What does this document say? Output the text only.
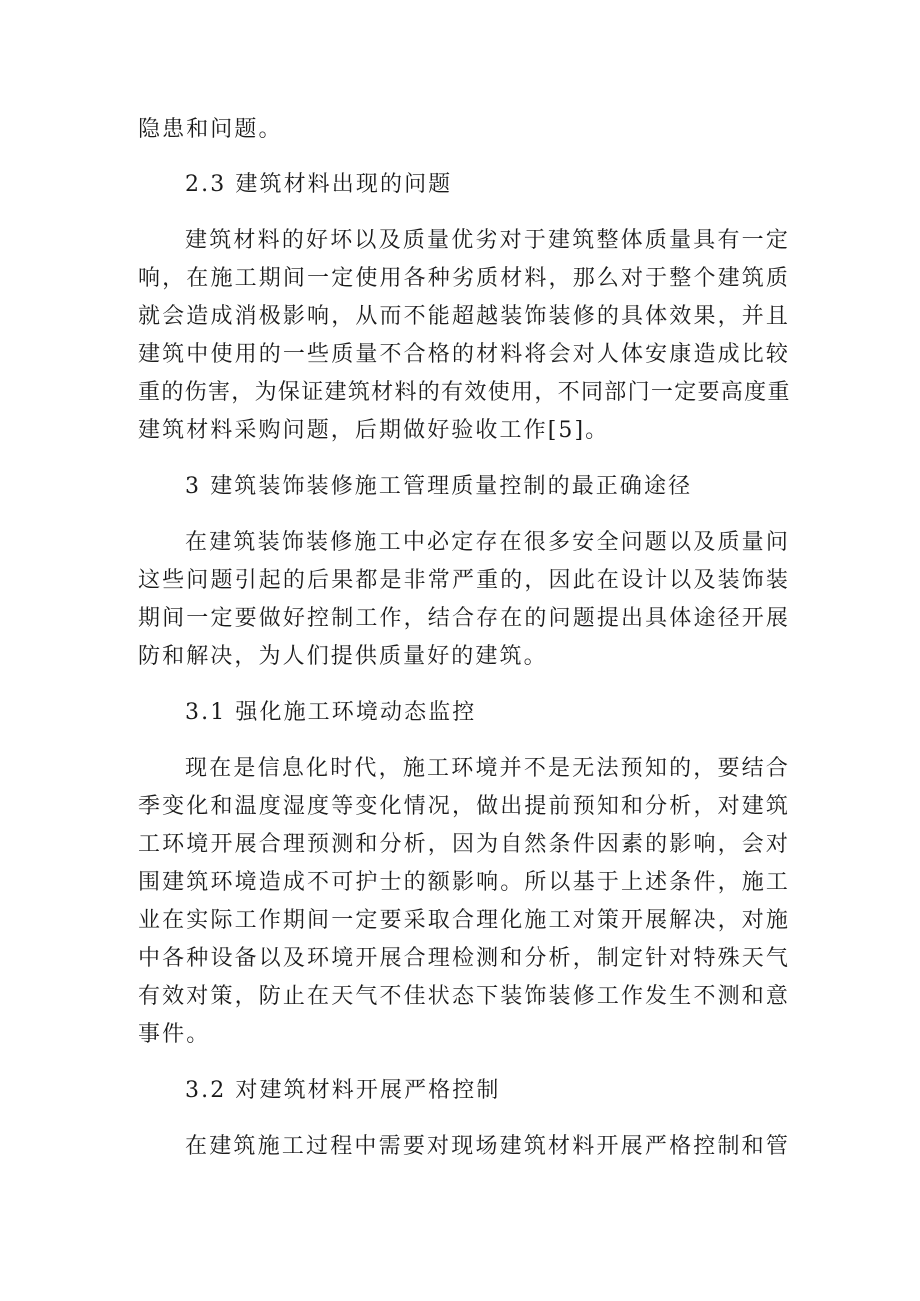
隐患和问题。
2.3 建筑材料出现的问题
建筑材料的好坏以及质量优劣对于建筑整体质量具有一定
响，在施工期间一定使用各种劣质材料，那么对于整个建筑质
就会造成消极影响，从而不能超越装饰装修的具体效果，并且
建筑中使用的一些质量不合格的材料将会对人体安康造成比较
重的伤害，为保证建筑材料的有效使用，不同部门一定要高度重
建筑材料采购问题，后期做好验收工作[5]。
3 建筑装饰装修施工管理质量控制的最正确途径
在建筑装饰装修施工中必定存在很多安全问题以及质量问
这些问题引起的后果都是非常严重的，因此在设计以及装饰装
期间一定要做好控制工作，结合存在的问题提出具体途径开展
防和解决，为人们提供质量好的建筑。
3.1 强化施工环境动态监控
现在是信息化时代，施工环境并不是无法预知的，要结合
季变化和温度湿度等变化情况，做出提前预知和分析，对建筑
工环境开展合理预测和分析，因为自然条件因素的影响，会对
围建筑环境造成不可护士的额影响。所以基于上述条件，施工
业在实际工作期间一定要采取合理化施工对策开展解决，对施
中各种设备以及环境开展合理检测和分析，制定针对特殊天气
有效对策，防止在天气不佳状态下装饰装修工作发生不测和意
事件。
3.2 对建筑材料开展严格控制
在建筑施工过程中需要对现场建筑材料开展严格控制和管
